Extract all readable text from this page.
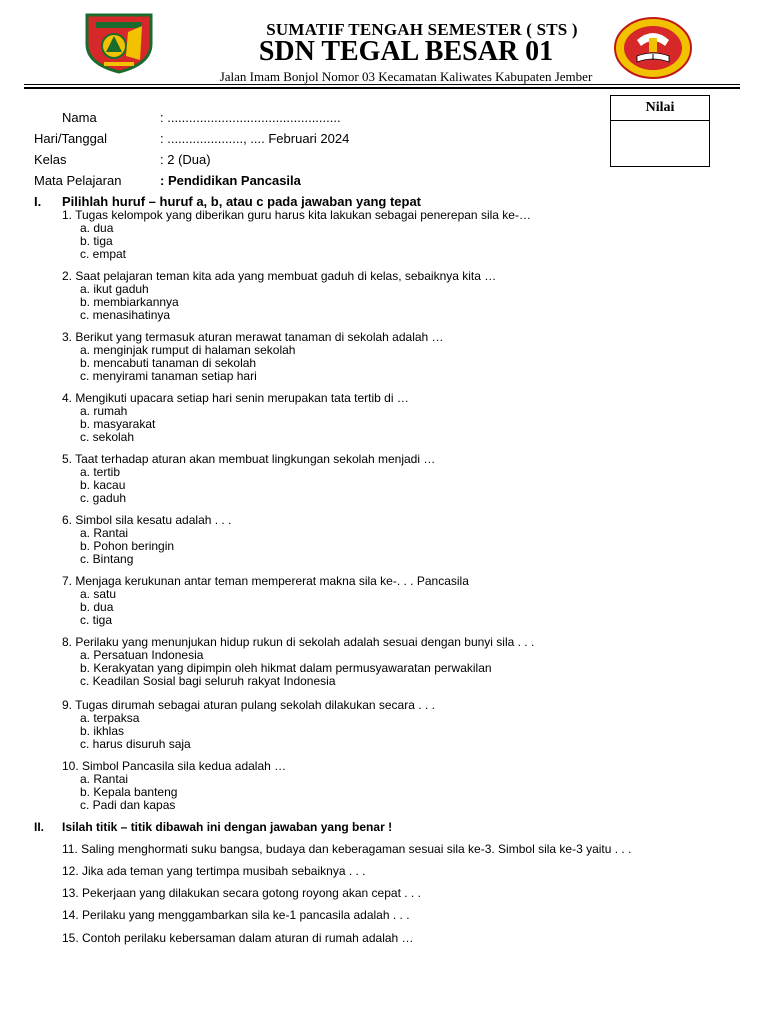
SUMATIF TENGAH SEMESTER ( STS )
SDN TEGAL BESAR 01
Jalan Imam Bonjol Nomor 03 Kecamatan Kaliwates Kabupaten Jember
Nilai
Nama	: ................................................
Hari/Tanggal	: ....................., .... Februari 2024
Kelas	: 2 (Dua)
Mata Pelajaran	: Pendidikan Pancasila
I. Pilihlah huruf – huruf a, b, atau c pada jawaban yang tepat
1. Tugas kelompok yang diberikan guru harus kita lakukan sebagai penerepan sila ke-…
a. dua
b. tiga
c. empat
2. Saat pelajaran teman kita ada yang membuat gaduh di kelas, sebaiknya kita …
a. ikut gaduh
b. membiarkannya
c. menasihatinya
3. Berikut yang termasuk aturan merawat tanaman di sekolah adalah …
a. menginjak rumput di halaman sekolah
b. mencabuti tanaman di sekolah
c. menyirami tanaman setiap hari
4. Mengikuti upacara setiap hari senin merupakan tata tertib di …
a. rumah
b. masyarakat
c. sekolah
5. Taat terhadap aturan akan membuat lingkungan sekolah menjadi …
a. tertib
b. kacau
c. gaduh
6. Simbol sila kesatu adalah . . .
a. Rantai
b. Pohon beringin
c. Bintang
7. Menjaga kerukunan antar teman mempererat makna sila ke-. . . Pancasila
a. satu
b. dua
c. tiga
8. Perilaku yang menunjukan hidup rukun di sekolah adalah sesuai dengan bunyi sila . . .
a. Persatuan Indonesia
b. Kerakyatan yang dipimpin oleh hikmat dalam permusyawaratan perwakilan
c. Keadilan Sosial bagi seluruh rakyat Indonesia
9. Tugas dirumah sebagai aturan pulang sekolah dilakukan secara . . .
a. terpaksa
b. ikhlas
c. harus disuruh saja
10. Simbol Pancasila sila kedua adalah …
a. Rantai
b. Kepala banteng
c. Padi dan kapas
II. Isilah titik – titik dibawah ini dengan jawaban yang benar !
11. Saling menghormati suku bangsa, budaya dan keberagaman sesuai sila ke-3. Simbol sila ke-3 yaitu . . .
12. Jika ada teman yang tertimpa musibah sebaiknya . . .
13. Pekerjaan yang dilakukan secara gotong royong akan cepat . . .
14. Perilaku yang menggambarkan sila ke-1 pancasila adalah . . .
15. Contoh perilaku kebersaman dalam aturan di rumah adalah …
